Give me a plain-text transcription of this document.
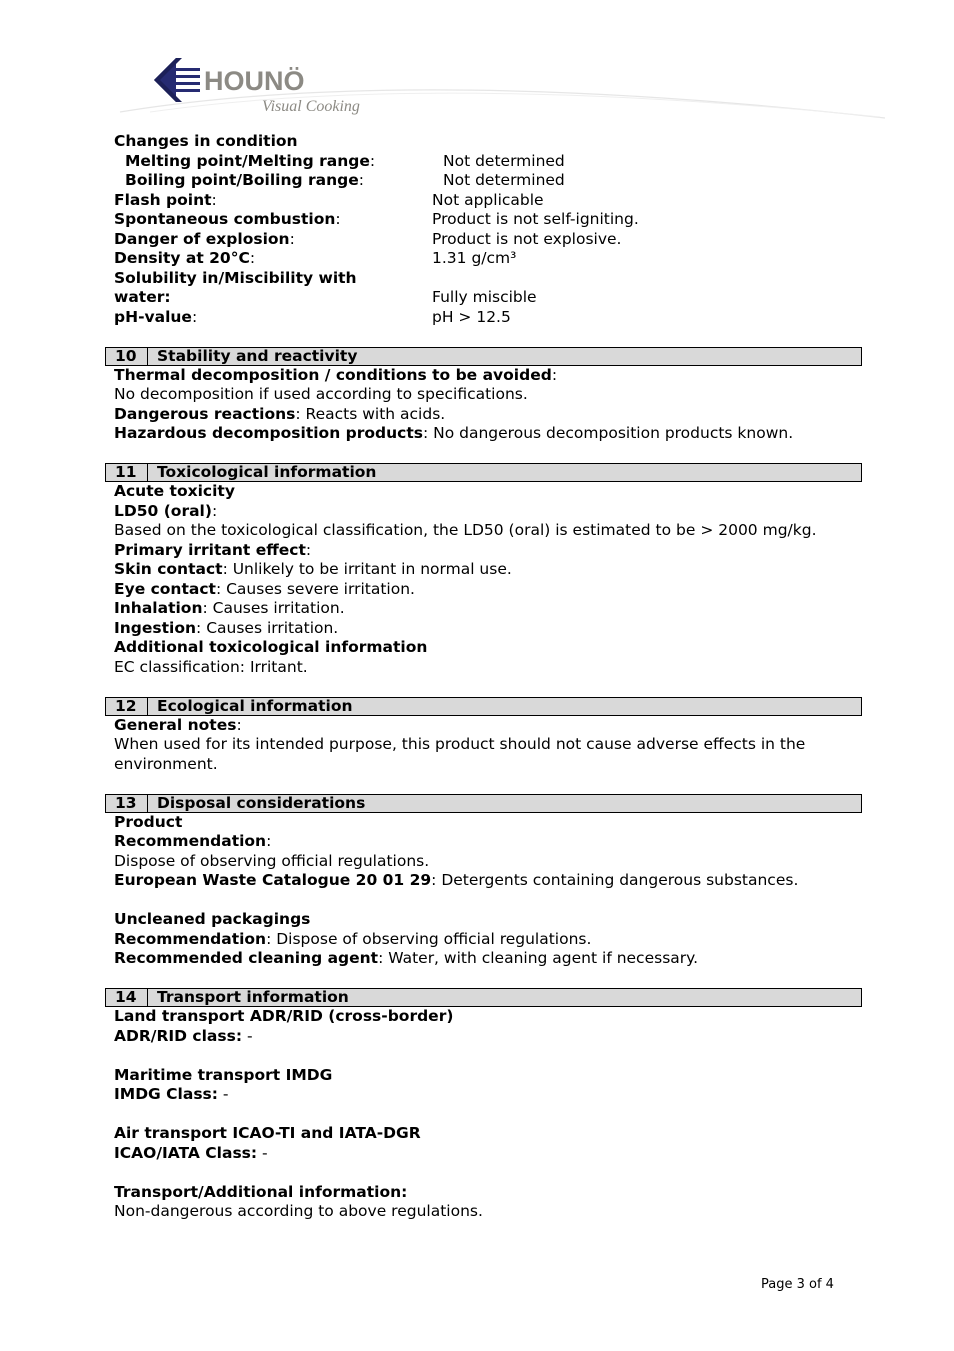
HOUNÖ
Visual Cooking
Changes in condition
Melting point/Melting range:	Not determined
Boiling point/Boiling range:	Not determined
Flash point:	Not applicable
Spontaneous combustion:	Product is not self-igniting.
Danger of explosion:	Product is not explosive.
Density at 20°C:	1.31 g/cm³
Solubility in/Miscibility with
water:	Fully miscible
pH-value:	pH > 12.5
10	Stability and reactivity
Thermal decomposition / conditions to be avoided:
No decomposition if used according to specifications.
Dangerous reactions: Reacts with acids.
Hazardous decomposition products: No dangerous decomposition products known.
11	Toxicological information
Acute toxicity
LD50 (oral):
Based on the toxicological classification, the LD50 (oral) is estimated to be > 2000 mg/kg.
Primary irritant effect:
Skin contact: Unlikely to be irritant in normal use.
Eye contact: Causes severe irritation.
Inhalation: Causes irritation.
Ingestion: Causes irritation.
Additional toxicological information
EC classification: Irritant.
12	Ecological information
General notes:
When used for its intended purpose, this product should not cause adverse effects in the environment.
13	Disposal considerations
Product
Recommendation:
Dispose of observing official regulations.
European Waste Catalogue 20 01 29: Detergents containing dangerous substances.
Uncleaned packagings
Recommendation: Dispose of observing official regulations.
Recommended cleaning agent: Water, with cleaning agent if necessary.
14	Transport information
Land transport ADR/RID (cross-border)
ADR/RID class: -
Maritime transport IMDG
IMDG Class: -
Air transport ICAO-TI and IATA-DGR
ICAO/IATA Class: -
Transport/Additional information:
Non-dangerous according to above regulations.
Page 3 of 4
